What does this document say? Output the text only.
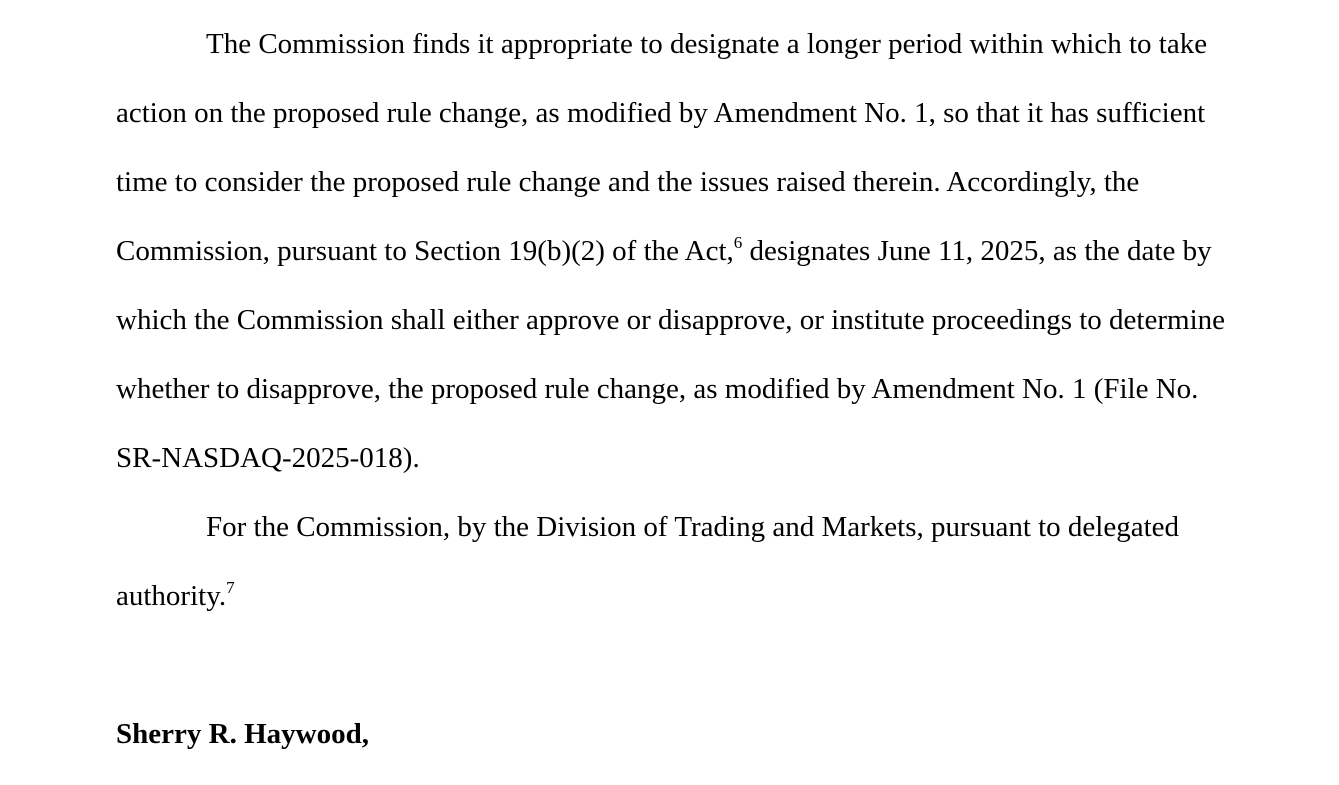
The Commission finds it appropriate to designate a longer period within which to take
action on the proposed rule change, as modified by Amendment No. 1, so that it has sufficient
time to consider the proposed rule change and the issues raised therein. Accordingly, the
Commission, pursuant to Section 19(b)(2) of the Act,$^6$ designates June 11, 2025, as the date by
which the Commission shall either approve or disapprove, or institute proceedings to determine
whether to disapprove, the proposed rule change, as modified by Amendment No. 1 (File No.
SR-NASDAQ-2025-018).
For the Commission, by the Division of Trading and Markets, pursuant to delegated
authority.$^7$
Sherry R. Haywood,
